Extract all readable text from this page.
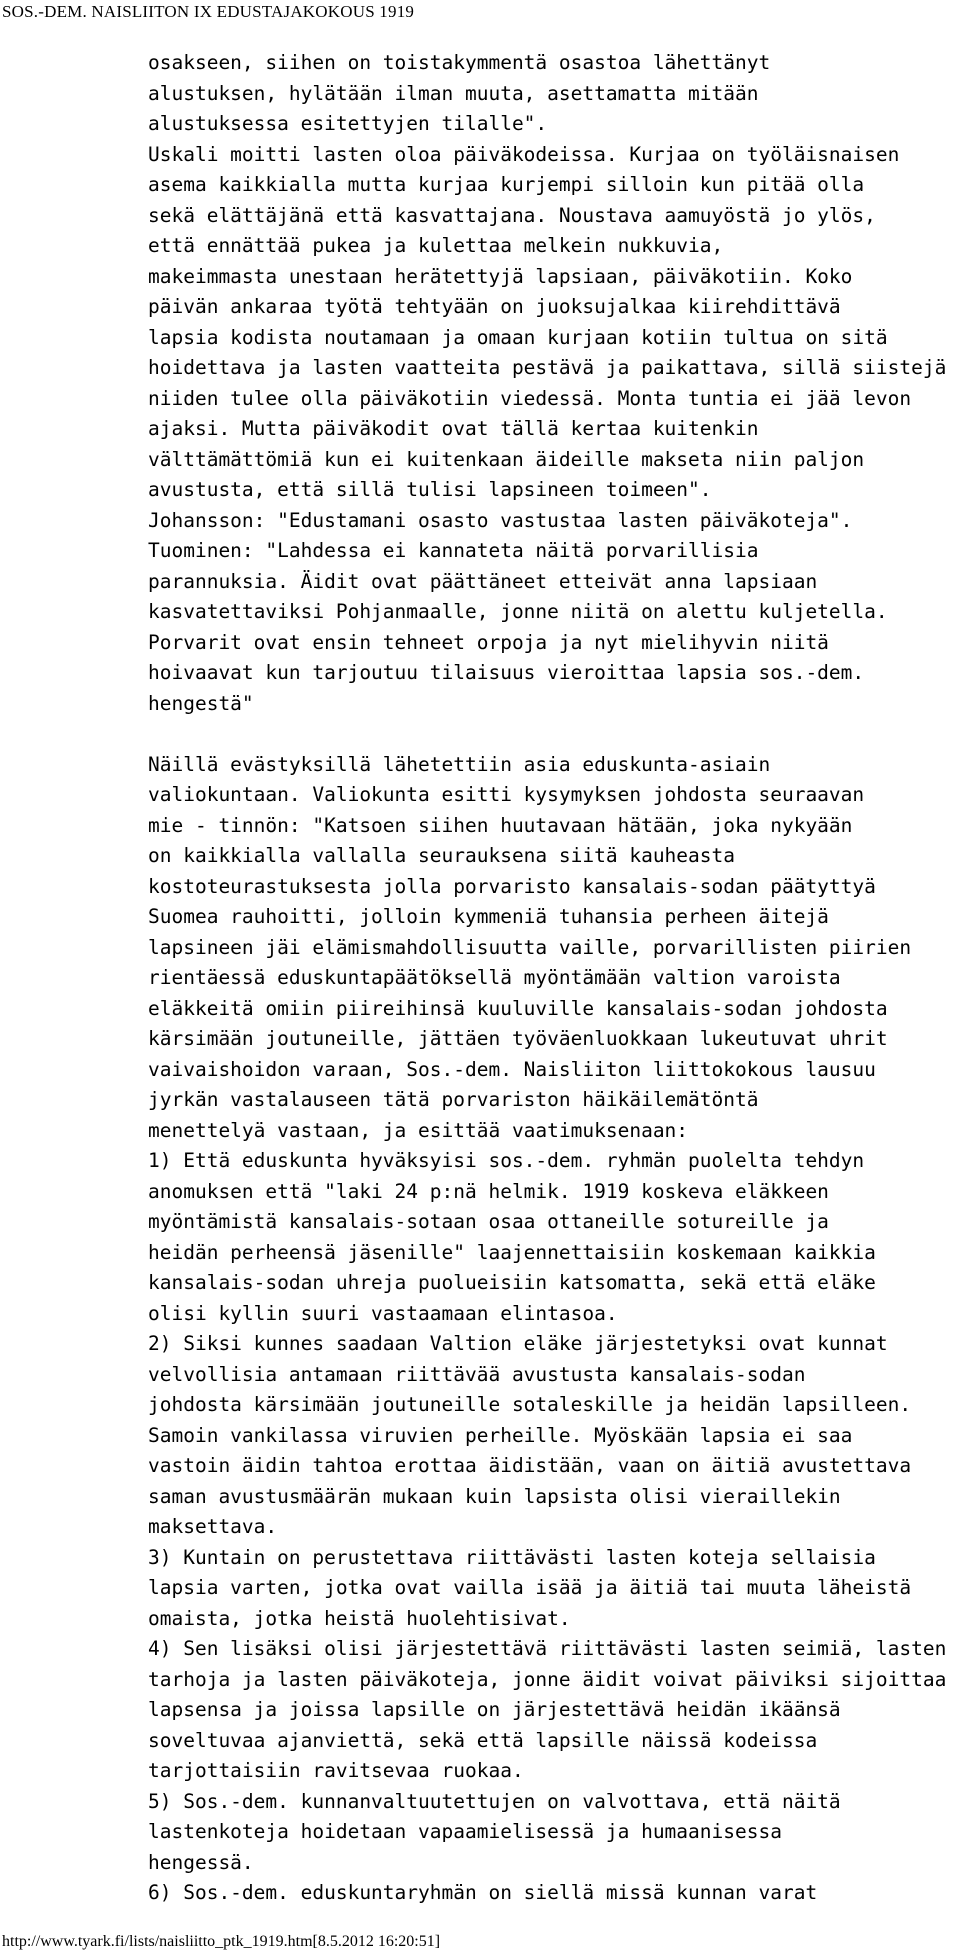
SOS.-DEM. NAISLIITON IX EDUSTAJAKOKOUS 1919
osakseen, siihen on toistakymmentä osastoa lähettänyt
alustuksen, hylätään ilman muuta, asettamatta mitään
alustuksessa esitettyjen tilalle".
Uskali moitti lasten oloa päiväkodeissa. Kurjaa on työläisnaisen
asema kaikkialla mutta kurjaa kurjempi silloin kun pitää olla
sekä elättäjänä että kasvattajana. Noustava aamuyöstä jo ylös,
että ennättää pukea ja kulettaa melkein nukkuvia,
makeimmasta unestaan herätettyjä lapsiaan, päiväkotiin. Koko
päivän ankaraa työtä tehtyään on juoksujalkaa kiirehdittävä
lapsia kodista noutamaan ja omaan kurjaan kotiin tultua on sitä
hoidettava ja lasten vaatteita pestävä ja paikattava, sillä siistejä
niiden tulee olla päiväkotiin viedessä. Monta tuntia ei jää levon
ajaksi. Mutta päiväkodit ovat tällä kertaa kuitenkin
välttämättömiä kun ei kuitenkaan äideille makseta niin paljon
avustusta, että sillä tulisi lapsineen toimeen".
Johansson: "Edustamani osasto vastustaa lasten päiväkoteja".
Tuominen: "Lahdessa ei kannateta näitä porvarillisia
parannuksia. Äidit ovat päättäneet etteivät anna lapsiaan
kasvatettaviksi Pohjanmaalle, jonne niitä on alettu kuljetella.
Porvarit ovat ensin tehneet orpoja ja nyt mielihyvin niitä
hoivaavat kun tarjoutuu tilaisuus vieroittaa lapsia sos.-dem.
hengestä"
Näillä evästyksillä lähetettiin asia eduskunta-asiain
valiokuntaan. Valiokunta esitti kysymyksen johdosta seuraavan
mie - tinnön: "Katsoen siihen huutavaan hätään, joka nykyään
on kaikkialla vallalla seurauksena siitä kauheasta
kostoteurastuksesta jolla porvaristo kansalais-sodan päätyttyä
Suomea rauhoitti, jolloin kymmeniä tuhansia perheen äitejä
lapsineen jäi elämismahdollisuutta vaille, porvarillisten piirien
rientäessä eduskuntapäätöksellä myöntämään valtion varoista
eläkkeitä omiin piireihinsä kuuluville kansalais-sodan johdosta
kärsimään joutuneille, jättäen työväenluokkaan lukeutuvat uhrit
vaivaishoidon varaan, Sos.-dem. Naisliiton liittokokous lausuu
jyrkän vastalauseen tätä porvariston häikäilemätöntä
menettelyä vastaan, ja esittää vaatimuksenaan:
1) Että eduskunta hyväksyisi sos.-dem. ryhmän puolelta tehdyn
anomuksen että "laki 24 p:nä helmik. 1919 koskeva eläkkeen
myöntämistä kansalais-sotaan osaa ottaneille sotureille ja
heidän perheensä jäsenille" laajennettaisiin koskemaan kaikkia
kansalais-sodan uhreja puolueisiin katsomatta, sekä että eläke
olisi kyllin suuri vastaamaan elintasoa.
2) Siksi kunnes saadaan Valtion eläke järjestetyksi ovat kunnat
velvollisia antamaan riittävää avustusta kansalais-sodan
johdosta kärsimään joutuneille sotaleskille ja heidän lapsilleen.
Samoin vankilassa viruvien perheille. Myöskään lapsia ei saa
vastoin äidin tahtoa erottaa äidistään, vaan on äitiä avustettava
saman avustusmäärän mukaan kuin lapsista olisi vieraillekin
maksettava.
3) Kuntain on perustettava riittävästi lasten koteja sellaisia
lapsia varten, jotka ovat vailla isää ja äitiä tai muuta läheistä
omaista, jotka heistä huolehtisivat.
4) Sen lisäksi olisi järjestettävä riittävästi lasten seimiä, lasten
tarhoja ja lasten päiväkoteja, jonne äidit voivat päiviksi sijoittaa
lapsensa ja joissa lapsille on järjestettävä heidän ikäänsä
soveltuvaa ajanviettä, sekä että lapsille näissä kodeissa
tarjottaisiin ravitsevaa ruokaa.
5) Sos.-dem. kunnanvaltuutettujen on valvottava, että näitä
lastenkoteja hoidetaan vapaamielisessä ja humaanisessa
hengessä.
6) Sos.-dem. eduskuntaryhmän on siellä missä kunnan varat
http://www.tyark.fi/lists/naisliitto_ptk_1919.htm[8.5.2012 16:20:51]
